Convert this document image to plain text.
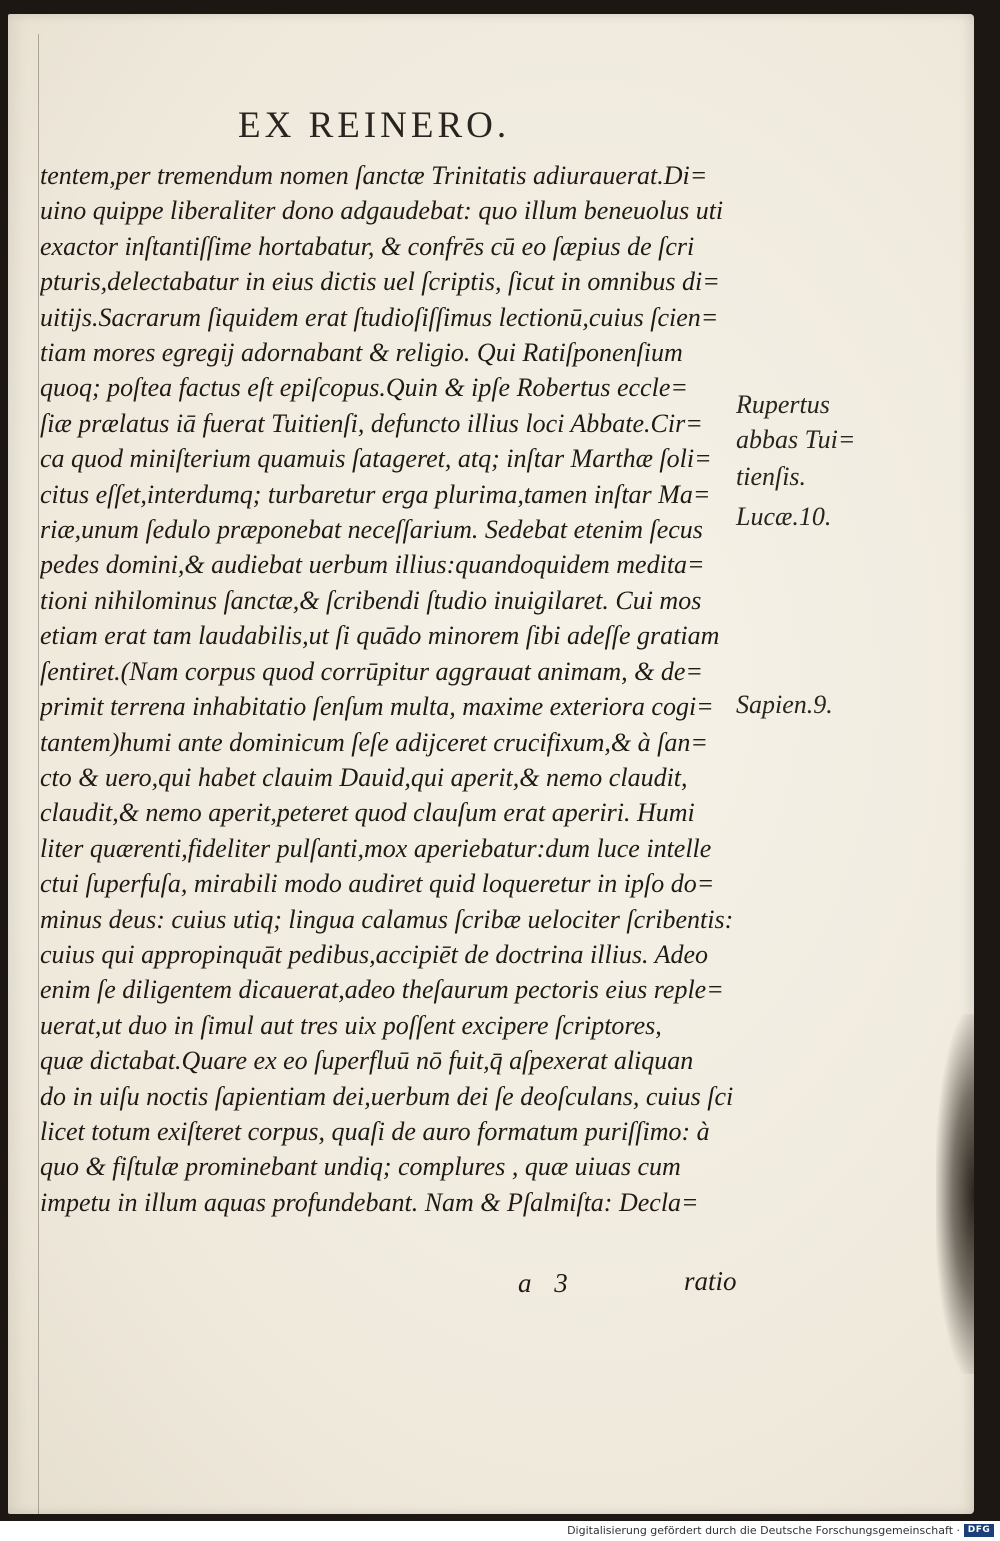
EX REINERO.
tentem,per tremendum nomen ſanctæ Trinitatis adiurauerat.Di=
uino quippe liberaliter dono adgaudebat: quo illum beneuolus uti
exactor inſtantiſſime hortabatur, & confrēs cū eo ſæpius de ſcri
pturis,delectabatur in eius dictis uel ſcriptis, ſicut in omnibus di=
uitijs.Sacrarum ſiquidem erat ſtudioſiſſimus lectionū,cuius ſcien=
tiam mores egregij adornabant & religio. Qui Ratiſponenſium
quoq; poſtea factus eſt epiſcopus.Quin & ipſe Robertus eccle=
ſiæ prælatus iā fuerat Tuitienſi, defuncto illius loci Abbate.Cir=
ca quod miniſterium quamuis ſatageret, atq; inſtar Marthæ ſoli=
citus eſſet,interdumq; turbaretur erga plurima,tamen inſtar Ma=
riæ,unum ſedulo præponebat neceſſarium. Sedebat etenim ſecus
pedes domini,& audiebat uerbum illius:quandoquidem medita=
tioni nihilominus ſanctæ,& ſcribendi ſtudio inuigilaret. Cui mos
etiam erat tam laudabilis,ut ſi quādo minorem ſibi adeſſe gratiam
ſentiret.(Nam corpus quod corrūpitur aggrauat animam, & de=
primit terrena inhabitatio ſenſum multa, maxime exteriora cogi=
tantem)humi ante dominicum ſeſe adijceret crucifixum,& à ſan=
cto & uero,qui habet clauim Dauid,qui aperit,& nemo claudit,
claudit,& nemo aperit,peteret quod clauſum erat aperiri. Humi
liter quærenti,fideliter pulſanti,mox aperiebatur:dum luce intelle
ctui ſuperfuſa, mirabili modo audiret quid loqueretur in ipſo do=
minus deus: cuius utiq; lingua calamus ſcribæ uelociter ſcribentis:
cuius qui appropinquāt pedibus,accipiēt de doctrina illius. Adeo
enim ſe diligentem dicauerat,adeo theſaurum pectoris eius reple=
uerat,ut duo in ſimul aut tres uix poſſent excipere ſcriptores,
quæ dictabat.Quare ex eo ſuperfluū nō fuit,q̄ aſpexerat aliquan
do in uiſu noctis ſapientiam dei,uerbum dei ſe deoſculans, cuius ſci
licet totum exiſteret corpus, quaſi de auro formatum puriſſimo: à
quo & fiſtulæ prominebant undiq; complures , quæ uiuas cum
impetu in illum aquas profundebant. Nam & Pſalmiſta: Decla=
Rupertus
abbas Tui=
tienſis.
Lucæ.10.
Sapien.9.
a 3	ratio
Digitalisierung gefördert durch die Deutsche Forschungsgemeinschaft · DFG
